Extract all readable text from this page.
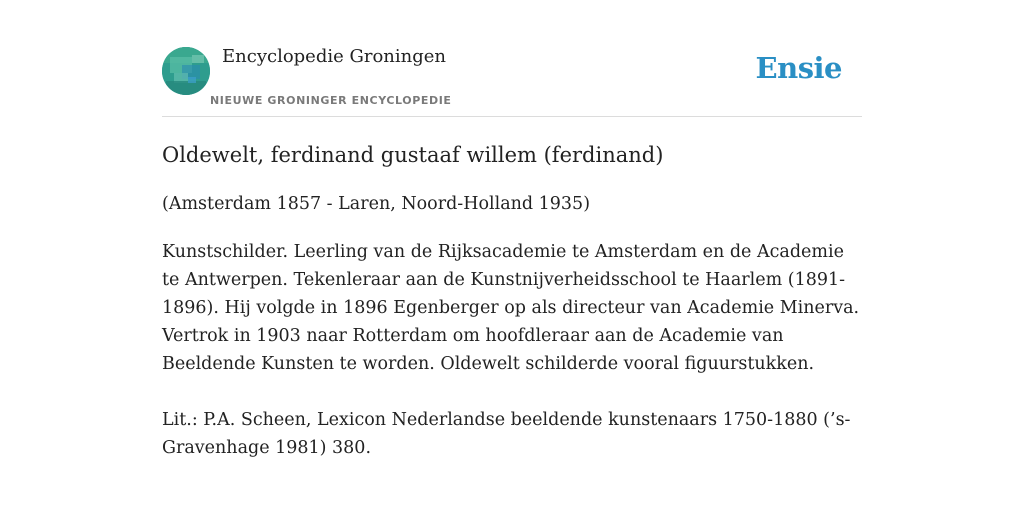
Encyclopedie Groningen
NIEUWE GRONINGER ENCYCLOPEDIE
Ensie
Oldewelt, ferdinand gustaaf willem (ferdinand)

(Amsterdam 1857 - Laren, Noord-Holland 1935)

Kunstschilder. Leerling van de Rijksacademie te Amsterdam en de Academie te Antwerpen. Tekenleraar aan de Kunstnijverheidsschool te Haarlem (1891-1896). Hij volgde in 1896 Egenberger op als directeur van Academie Minerva. Vertrok in 1903 naar Rotterdam om hoofdleraar aan de Academie van Beeldende Kunsten te worden. Oldewelt schilderde vooral figuurstukken.

Lit.: P.A. Scheen, Lexicon Nederlandse beeldende kunstenaars 1750-1880 (’s-Gravenhage 1981) 380.
